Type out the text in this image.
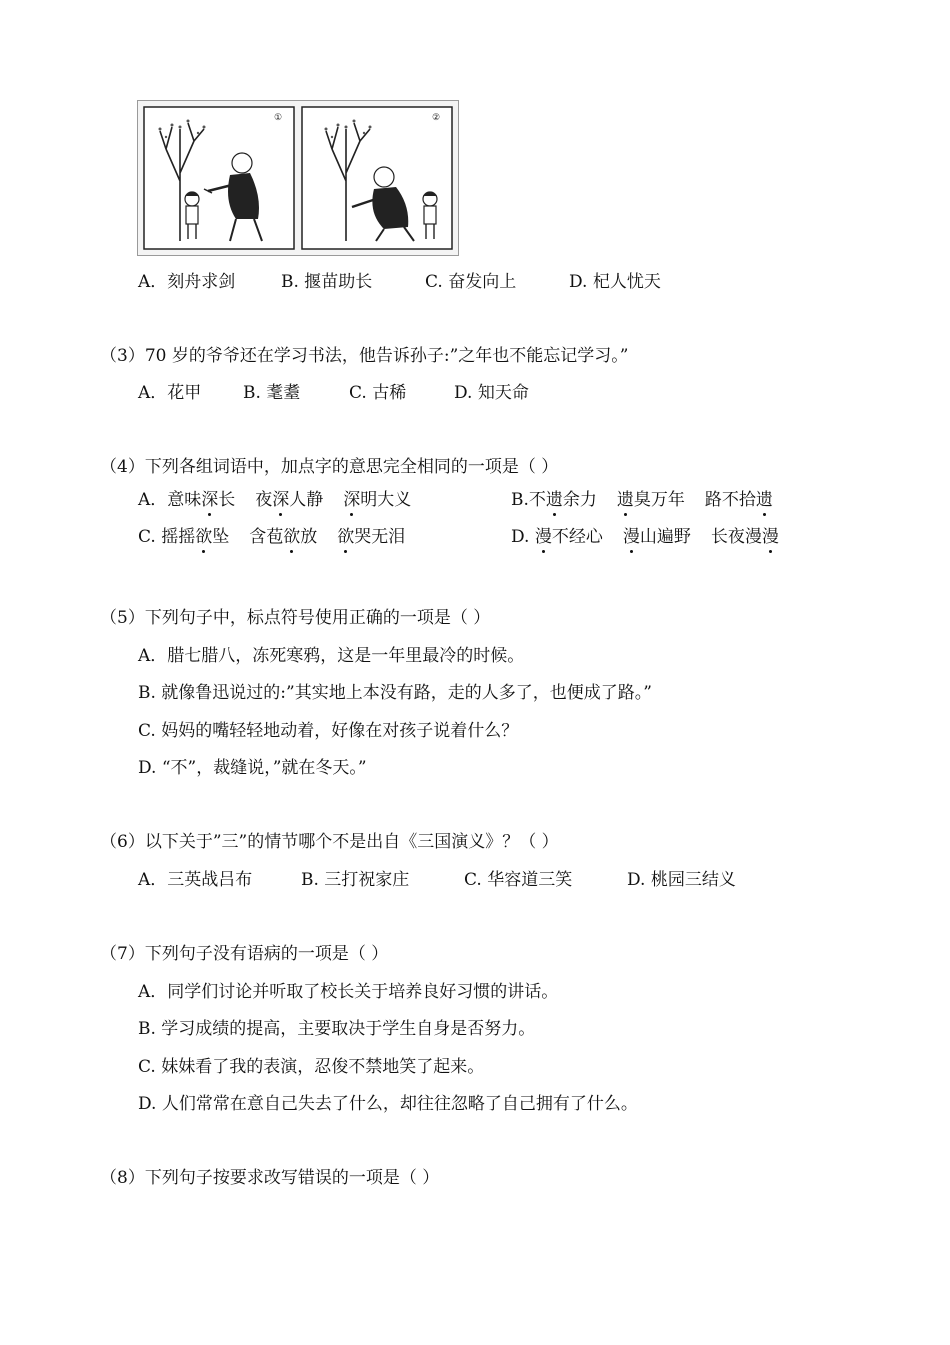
①	②
A．刻舟求剑	B. 揠苗助长	C. 奋发向上	D. 杞人忧天
（3）70 岁的爷爷还在学习书法，他告诉孙子:”之年也不能忘记学习。”
A．花甲 B. 耄耋	C. 古稀	D. 知天命
（4）下列各组词语中，加点字的意思完全相同的一项是（ ）
A．意味深长 夜深人静 深明大义	B.不遗余力 遗臭万年 路不拾遗
C. 摇摇欲坠 含苞欲放 欲哭无泪	D. 漫不经心 漫山遍野 长夜漫漫
（5）下列句子中，标点符号使用正确的一项是（ ）
A．腊七腊八，冻死寒鸦，这是一年里最冷的时候。
B. 就像鲁迅说过的:”其实地上本没有路，走的人多了，也便成了路。”
C. 妈妈的嘴轻轻地动着，好像在对孩子说着什么？
D. “不”，裁缝说，”就在冬天。”
（6）以下关于”三”的情节哪个不是出自《三国演义》？（ ）
A．三英战吕布	B. 三打祝家庄	C. 华容道三笑	D. 桃园三结义
（7）下列句子没有语病的一项是（ ）
A．同学们讨论并听取了校长关于培养良好习惯的讲话。
B. 学习成绩的提高，主要取决于学生自身是否努力。
C. 妹妹看了我的表演，忍俊不禁地笑了起来。
D. 人们常常在意自己失去了什么，却往往忽略了自己拥有了什么。
（8）下列句子按要求改写错误的一项是（ ）
